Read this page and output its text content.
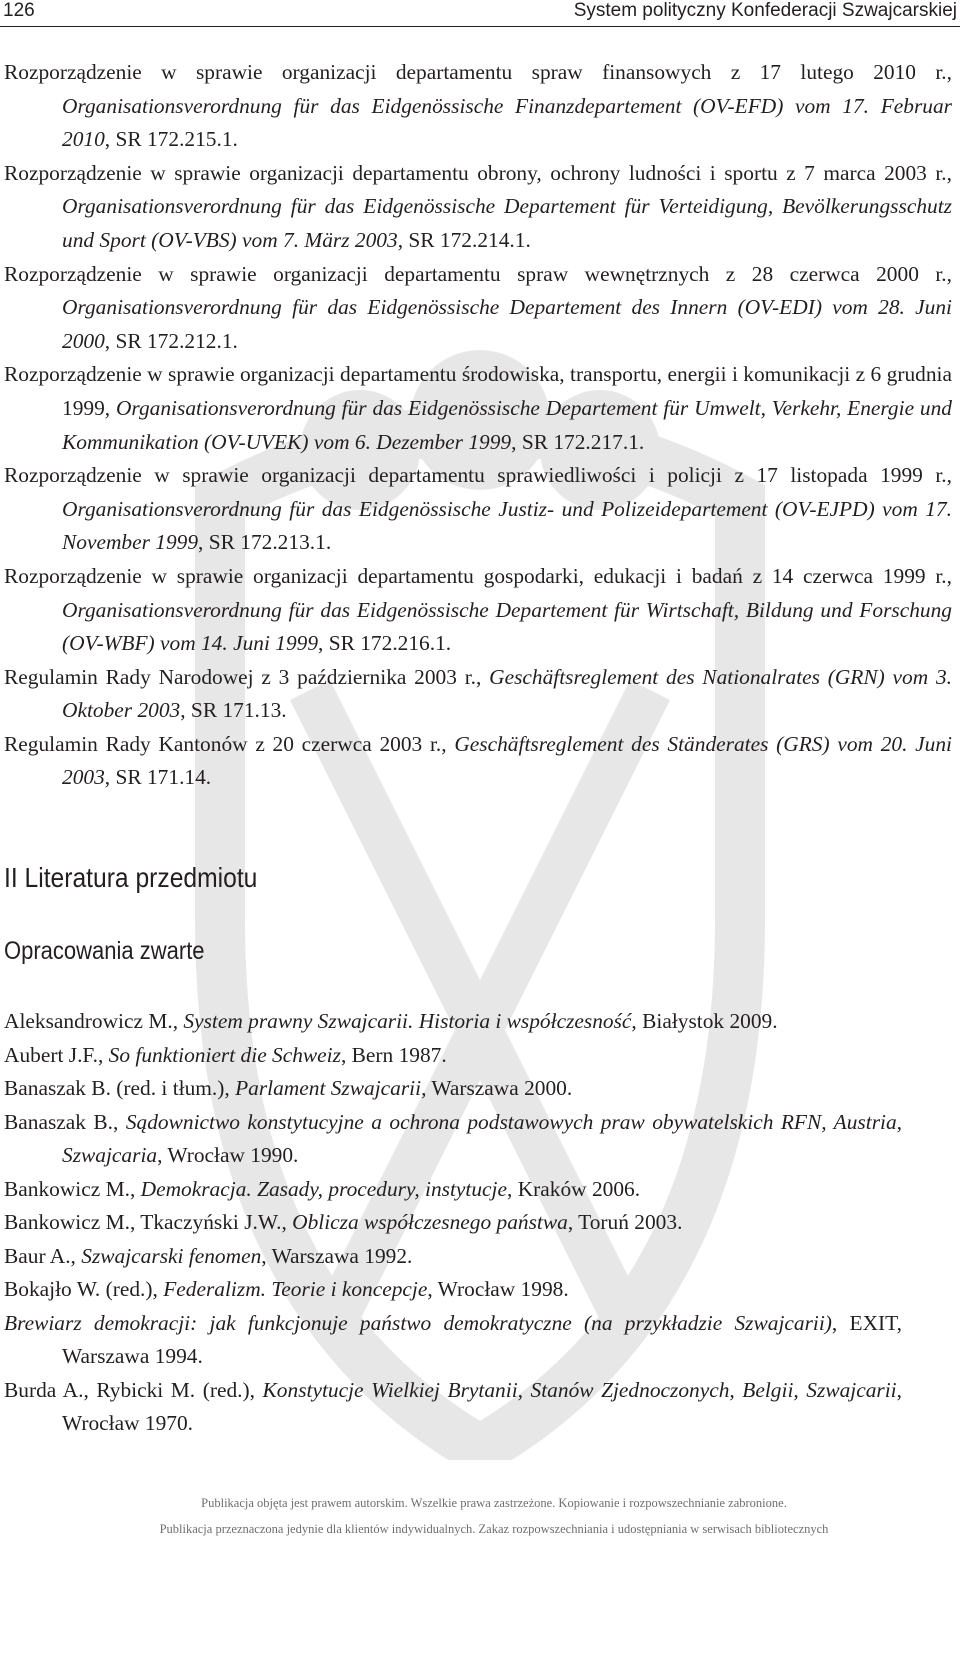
126	System polityczny Konfederacji Szwajcarskiej
Rozporządzenie w sprawie organizacji departamentu spraw finansowych z 17 lutego 2010 r., Organisationsverordnung für das Eidgenössische Finanzdepartement (OV-EFD) vom 17. Februar 2010, SR 172.215.1.
Rozporządzenie w sprawie organizacji departamentu obrony, ochrony ludności i sportu z 7 marca 2003 r., Organisationsverordnung für das Eidgenössische Departement für Verteidigung, Bevölkerungsschutz und Sport (OV-VBS) vom 7. März 2003, SR 172.214.1.
Rozporządzenie w sprawie organizacji departamentu spraw wewnętrznych z 28 czerwca 2000 r., Organisationsverordnung für das Eidgenössische Departement des Innern (OV-EDI) vom 28. Juni 2000, SR 172.212.1.
Rozporządzenie w sprawie organizacji departamentu środowiska, transportu, energii i komunikacji z 6 grudnia 1999, Organisationsverordnung für das Eidgenössische Departement für Umwelt, Verkehr, Energie und Kommunikation (OV-UVEK) vom 6. Dezember 1999, SR 172.217.1.
Rozporządzenie w sprawie organizacji departamentu sprawiedliwości i policji z 17 listopada 1999 r., Organisationsverordnung für das Eidgenössische Justiz- und Polizeidepartement (OV-EJPD) vom 17. November 1999, SR 172.213.1.
Rozporządzenie w sprawie organizacji departamentu gospodarki, edukacji i badań z 14 czerwca 1999 r., Organisationsverordnung für das Eidgenössische Departement für Wirtschaft, Bildung und Forschung (OV-WBF) vom 14. Juni 1999, SR 172.216.1.
Regulamin Rady Narodowej z 3 października 2003 r., Geschäftsreglement des Nationalrates (GRN) vom 3. Oktober 2003, SR 171.13.
Regulamin Rady Kantonów z 20 czerwca 2003 r., Geschäftsreglement des Ständerates (GRS) vom 20. Juni 2003, SR 171.14.
II Literatura przedmiotu
Opracowania zwarte
Aleksandrowicz M., System prawny Szwajcarii. Historia i współczesność, Białystok 2009.
Aubert J.F., So funktioniert die Schweiz, Bern 1987.
Banaszak B. (red. i tłum.), Parlament Szwajcarii, Warszawa 2000.
Banaszak B., Sądownictwo konstytucyjne a ochrona podstawowych praw obywatelskich RFN, Austria, Szwajcaria, Wrocław 1990.
Bankowicz M., Demokracja. Zasady, procedury, instytucje, Kraków 2006.
Bankowicz M., Tkaczyński J.W., Oblicza współczesnego państwa, Toruń 2003.
Baur A., Szwajcarski fenomen, Warszawa 1992.
Bokajło W. (red.), Federalizm. Teorie i koncepcje, Wrocław 1998.
Brewiarz demokracji: jak funkcjonuje państwo demokratyczne (na przykładzie Szwajcarii), EXIT, Warszawa 1994.
Burda A., Rybicki M. (red.), Konstytucje Wielkiej Brytanii, Stanów Zjednoczonych, Belgii, Szwajcarii, Wrocław 1970.
Publikacja objęta jest prawem autorskim. Wszelkie prawa zastrzeżone. Kopiowanie i rozpowszechnianie zabronione.
Publikacja przeznaczona jedynie dla klientów indywidualnych. Zakaz rozpowszechniania i udostępniania w serwisach bibliotecznych
